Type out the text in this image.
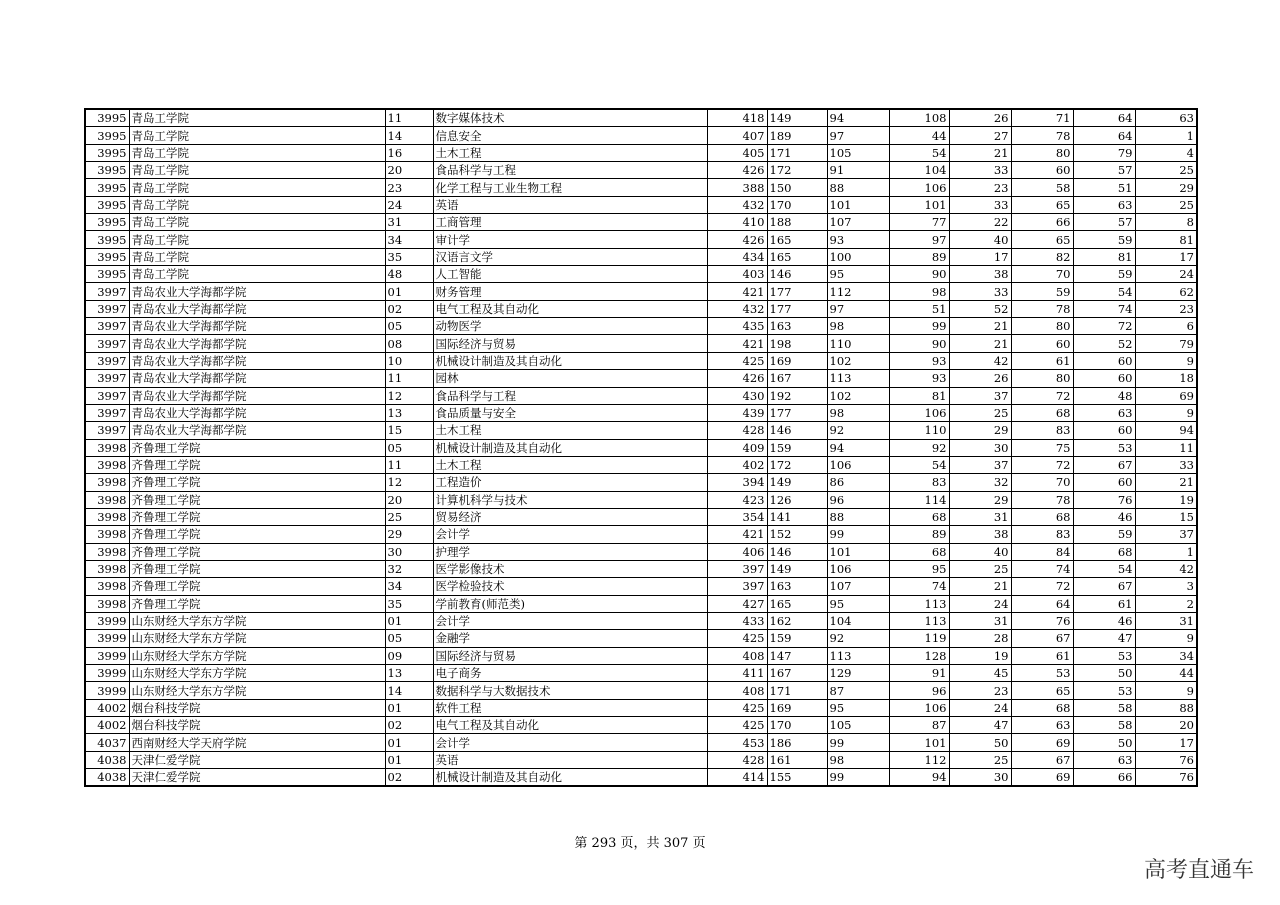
3995	青岛工学院	11	数字媒体技术	418	149	94	108	26	71	64	63
3995	青岛工学院	14	信息安全	407	189	97	44	27	78	64	1
3995	青岛工学院	16	土木工程	405	171	105	54	21	80	79	4
3995	青岛工学院	20	食品科学与工程	426	172	91	104	33	60	57	25
3995	青岛工学院	23	化学工程与工业生物工程	388	150	88	106	23	58	51	29
3995	青岛工学院	24	英语	432	170	101	101	33	65	63	25
3995	青岛工学院	31	工商管理	410	188	107	77	22	66	57	8
3995	青岛工学院	34	审计学	426	165	93	97	40	65	59	81
3995	青岛工学院	35	汉语言文学	434	165	100	89	17	82	81	17
3995	青岛工学院	48	人工智能	403	146	95	90	38	70	59	24
3997	青岛农业大学海都学院	01	财务管理	421	177	112	98	33	59	54	62
3997	青岛农业大学海都学院	02	电气工程及其自动化	432	177	97	51	52	78	74	23
3997	青岛农业大学海都学院	05	动物医学	435	163	98	99	21	80	72	6
3997	青岛农业大学海都学院	08	国际经济与贸易	421	198	110	90	21	60	52	79
3997	青岛农业大学海都学院	10	机械设计制造及其自动化	425	169	102	93	42	61	60	9
3997	青岛农业大学海都学院	11	园林	426	167	113	93	26	80	60	18
3997	青岛农业大学海都学院	12	食品科学与工程	430	192	102	81	37	72	48	69
3997	青岛农业大学海都学院	13	食品质量与安全	439	177	98	106	25	68	63	9
3997	青岛农业大学海都学院	15	土木工程	428	146	92	110	29	83	60	94
3998	齐鲁理工学院	05	机械设计制造及其自动化	409	159	94	92	30	75	53	11
3998	齐鲁理工学院	11	土木工程	402	172	106	54	37	72	67	33
3998	齐鲁理工学院	12	工程造价	394	149	86	83	32	70	60	21
3998	齐鲁理工学院	20	计算机科学与技术	423	126	96	114	29	78	76	19
3998	齐鲁理工学院	25	贸易经济	354	141	88	68	31	68	46	15
3998	齐鲁理工学院	29	会计学	421	152	99	89	38	83	59	37
3998	齐鲁理工学院	30	护理学	406	146	101	68	40	84	68	1
3998	齐鲁理工学院	32	医学影像技术	397	149	106	95	25	74	54	42
3998	齐鲁理工学院	34	医学检验技术	397	163	107	74	21	72	67	3
3998	齐鲁理工学院	35	学前教育(师范类)	427	165	95	113	24	64	61	2
3999	山东财经大学东方学院	01	会计学	433	162	104	113	31	76	46	31
3999	山东财经大学东方学院	05	金融学	425	159	92	119	28	67	47	9
3999	山东财经大学东方学院	09	国际经济与贸易	408	147	113	128	19	61	53	34
3999	山东财经大学东方学院	13	电子商务	411	167	129	91	45	53	50	44
3999	山东财经大学东方学院	14	数据科学与大数据技术	408	171	87	96	23	65	53	9
4002	烟台科技学院	01	软件工程	425	169	95	106	24	68	58	88
4002	烟台科技学院	02	电气工程及其自动化	425	170	105	87	47	63	58	20
4037	西南财经大学天府学院	01	会计学	453	186	99	101	50	69	50	17
4038	天津仁爱学院	01	英语	428	161	98	112	25	67	63	76
4038	天津仁爱学院	02	机械设计制造及其自动化	414	155	99	94	30	69	66	76
第 293 页，共 307 页
高考直通车
